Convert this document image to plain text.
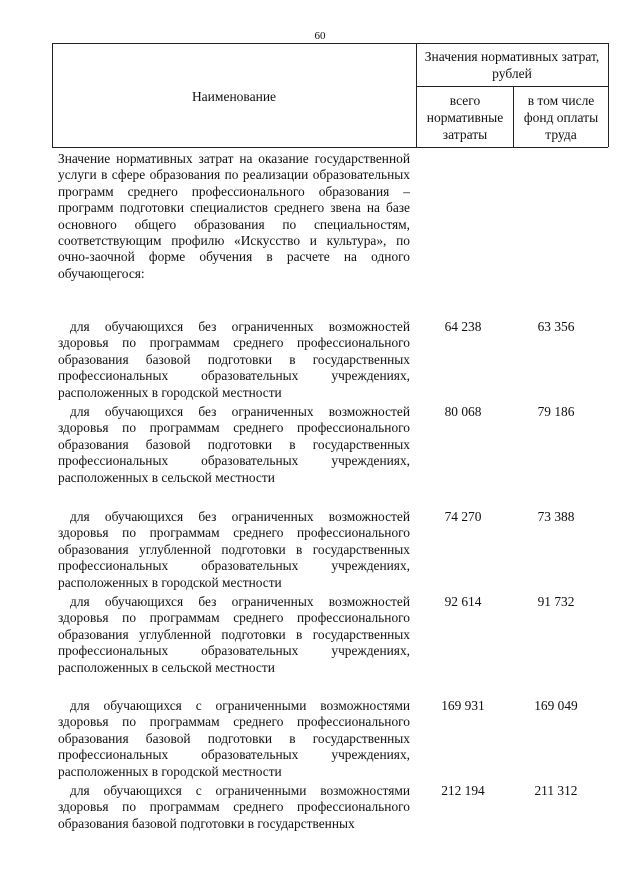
60
Наименование
Значения нормативных затрат, рублей
всего нормативные затраты
в том числе фонд оплаты труда
Значение нормативных затрат на оказание государственной услуги в сфере образования по реализации образовательных программ среднего профессионального образования – программ подготовки специалистов среднего звена на базе основного общего образования по специальностям, соответствующим профилю «Искусство и культура», по очно-заочной форме обучения в расчете на одного обучающегося:
для обучающихся без ограниченных возможностей здоровья по программам среднего профессионального образования базовой подготовки в государственных профессиональных образовательных учреждениях, расположенных в городской местности
64 238	63 356
для обучающихся без ограниченных возможностей здоровья по программам среднего профессионального образования базовой подготовки в государственных профессиональных образовательных учреждениях, расположенных в сельской местности
80 068	79 186
для обучающихся без ограниченных возможностей здоровья по программам среднего профессионального образования углубленной подготовки в государственных профессиональных образовательных учреждениях, расположенных в городской местности
74 270	73 388
для обучающихся без ограниченных возможностей здоровья по программам среднего профессионального образования углубленной подготовки в государственных профессиональных образовательных учреждениях, расположенных в сельской местности
92 614	91 732
для обучающихся с ограниченными возможностями здоровья по программам среднего профессионального образования базовой подготовки в государственных профессиональных образовательных учреждениях, расположенных в городской местности
169 931	169 049
для обучающихся с ограниченными возможностями здоровья по программам среднего профессионального образования базовой подготовки в государственных
212 194	211 312
